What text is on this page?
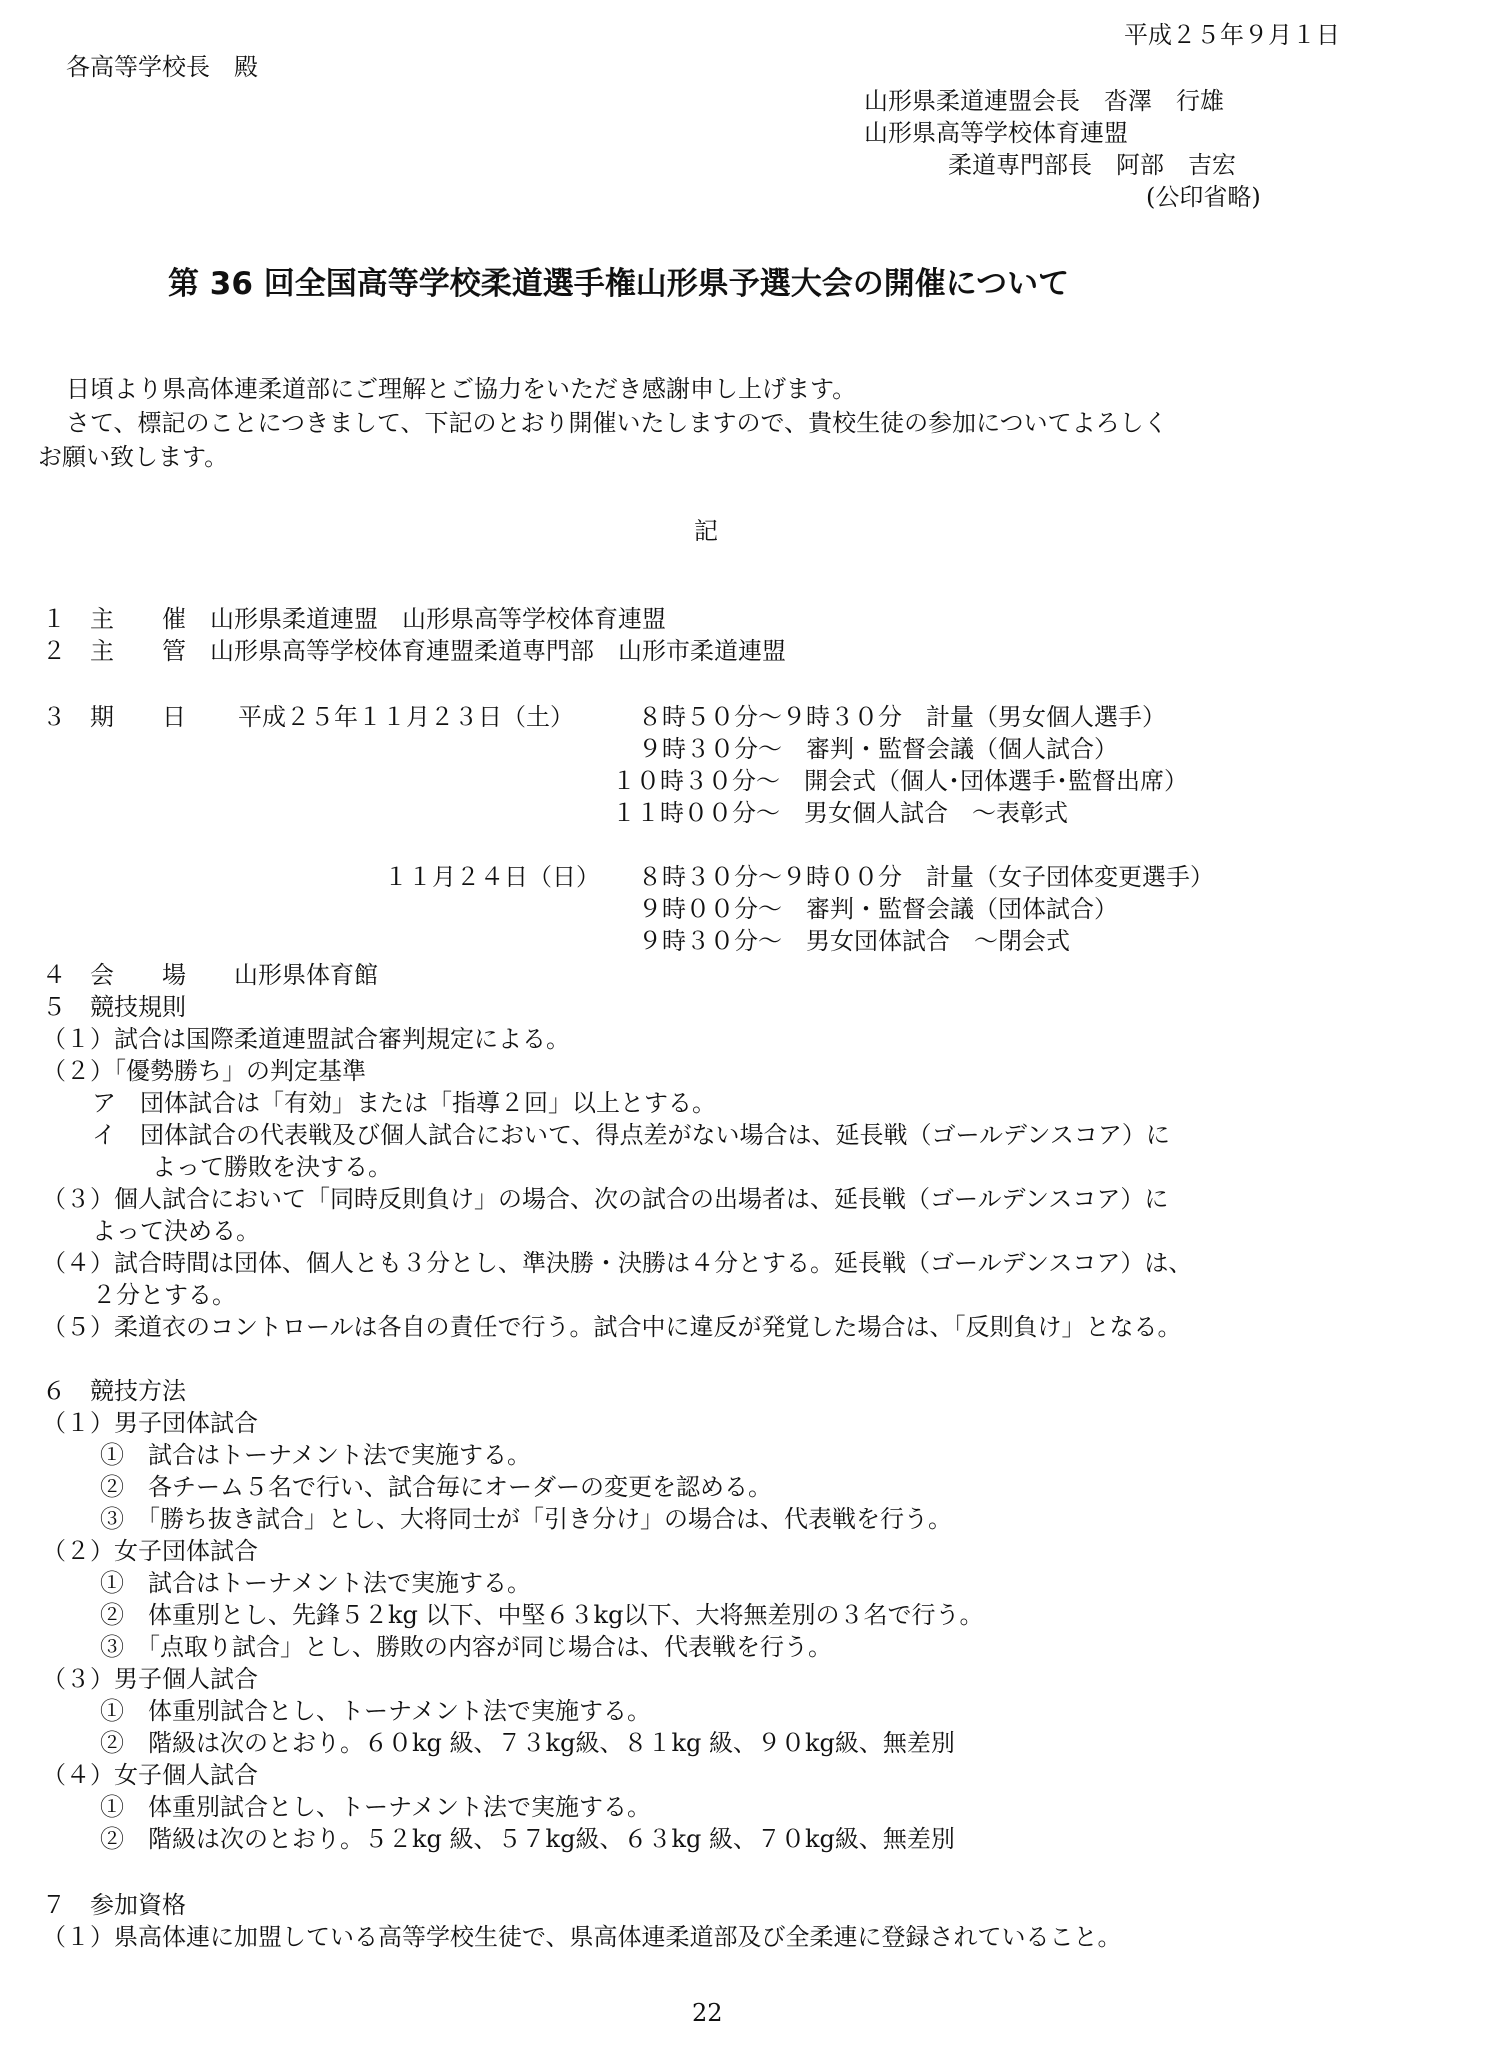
平成２５年９月１日
各高等学校長　殿
山形県柔道連盟会長　沓澤　行雄
山形県高等学校体育連盟
柔道専門部長　阿部　吉宏
(公印省略)
第 36 回全国高等学校柔道選手権山形県予選大会の開催について
日頃より県高体連柔道部にご理解とご協力をいただき感謝申し上げます。
さて、標記のことにつきまして、下記のとおり開催いたしますので、貴校生徒の参加についてよろしく
お願い致します。
記
１　主　　催　山形県柔道連盟　山形県高等学校体育連盟
２　主　　管　山形県高等学校体育連盟柔道専門部　山形市柔道連盟
３　期　　日 平成２５年１１月２３日（土）	８時５０分～９時３０分　計量（男女個人選手）
９時３０分～　審判・監督会議（個人試合）
１０時３０分～　開会式（個人･団体選手･監督出席）
１１時００分～　男女個人試合　～表彰式
１１月２４日（日） ８時３０分～９時００分　計量（女子団体変更選手）
９時００分～　審判・監督会議（団体試合）
９時３０分～　男女団体試合　～閉会式
４　会　　場　　山形県体育館
５　競技規則
（１）試合は国際柔道連盟試合審判規定による。
（２）「優勢勝ち」の判定基準
ア　団体試合は「有効」または「指導２回」以上とする。
イ　団体試合の代表戦及び個人試合において、得点差がない場合は、延長戦（ゴールデンスコア）に
よって勝敗を決する。
（３）個人試合において「同時反則負け」の場合、次の試合の出場者は、延長戦（ゴールデンスコア）に
よって決める。
（４）試合時間は団体、個人とも３分とし、準決勝・決勝は４分とする。延長戦（ゴールデンスコア）は、
２分とする。
（５）柔道衣のコントロールは各自の責任で行う。試合中に違反が発覚した場合は、「反則負け」となる。
６　競技方法
（１）男子団体試合
①　試合はトーナメント法で実施する。
②　各チーム５名で行い、試合毎にオーダーの変更を認める。
③　「勝ち抜き試合」とし、大将同士が「引き分け」の場合は、代表戦を行う。
（２）女子団体試合
①　試合はトーナメント法で実施する。
②　体重別とし、先鋒５２kg 以下、中堅６３kg以下、大将無差別の３名で行う。
③　「点取り試合」とし、勝敗の内容が同じ場合は、代表戦を行う。
（３）男子個人試合
①　体重別試合とし、トーナメント法で実施する。
②　階級は次のとおり。６０kg 級、７３kg級、８１kg 級、９０kg級、無差別
（４）女子個人試合
①　体重別試合とし、トーナメント法で実施する。
②　階級は次のとおり。５２kg 級、５７kg級、６３kg 級、７０kg級、無差別
７　参加資格
（１）県高体連に加盟している高等学校生徒で、県高体連柔道部及び全柔連に登録されていること。
22
